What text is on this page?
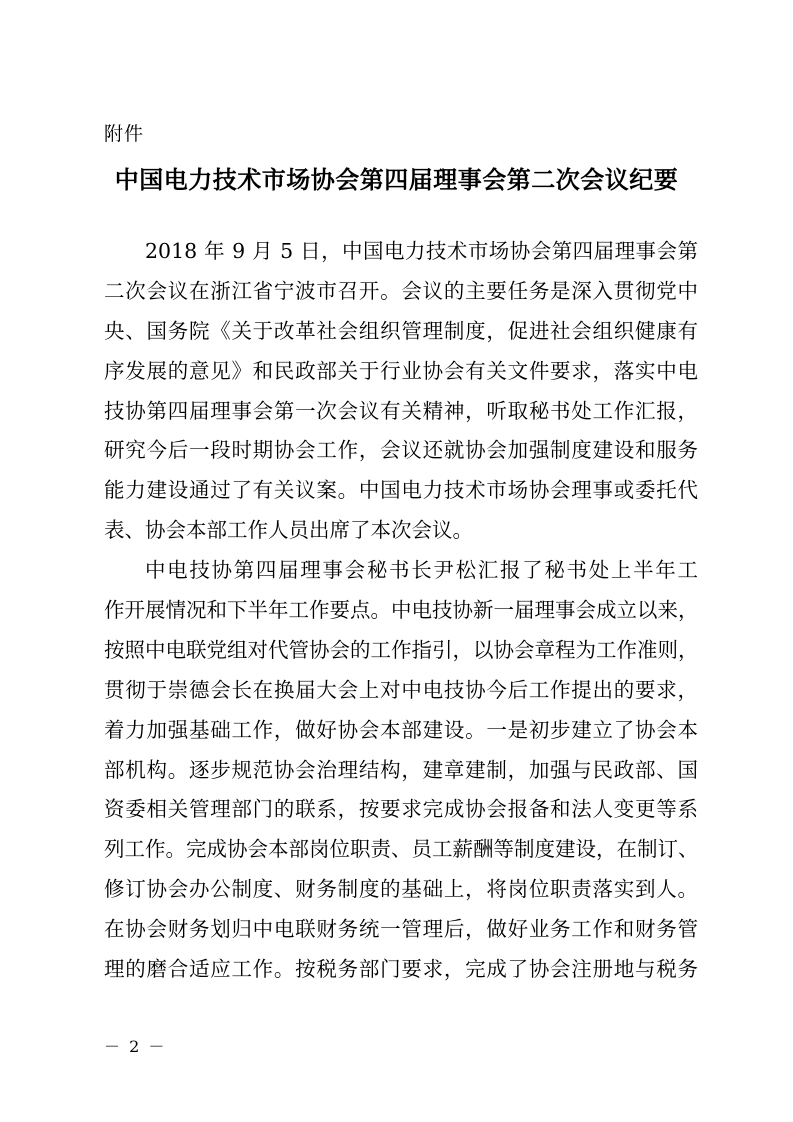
附件
中国电力技术市场协会第四届理事会第二次会议纪要
2018 年 9 月 5 日，中国电力技术市场协会第四届理事会第
二次会议在浙江省宁波市召开。会议的主要任务是深入贯彻党中
央、国务院《关于改革社会组织管理制度，促进社会组织健康有
序发展的意见》和民政部关于行业协会有关文件要求，落实中电
技协第四届理事会第一次会议有关精神，听取秘书处工作汇报，
研究今后一段时期协会工作，会议还就协会加强制度建设和服务
能力建设通过了有关议案。中国电力技术市场协会理事或委托代
表、协会本部工作人员出席了本次会议。
中电技协第四届理事会秘书长尹松汇报了秘书处上半年工
作开展情况和下半年工作要点。中电技协新一届理事会成立以来，
按照中电联党组对代管协会的工作指引，以协会章程为工作准则，
贯彻于崇德会长在换届大会上对中电技协今后工作提出的要求，
着力加强基础工作，做好协会本部建设。一是初步建立了协会本
部机构。逐步规范协会治理结构，建章建制，加强与民政部、国
资委相关管理部门的联系，按要求完成协会报备和法人变更等系
列工作。完成协会本部岗位职责、员工薪酬等制度建设，在制订、
修订协会办公制度、财务制度的基础上，将岗位职责落实到人。
在协会财务划归中电联财务统一管理后，做好业务工作和财务管
理的磨合适应工作。按税务部门要求，完成了协会注册地与税务
－ 2 －
